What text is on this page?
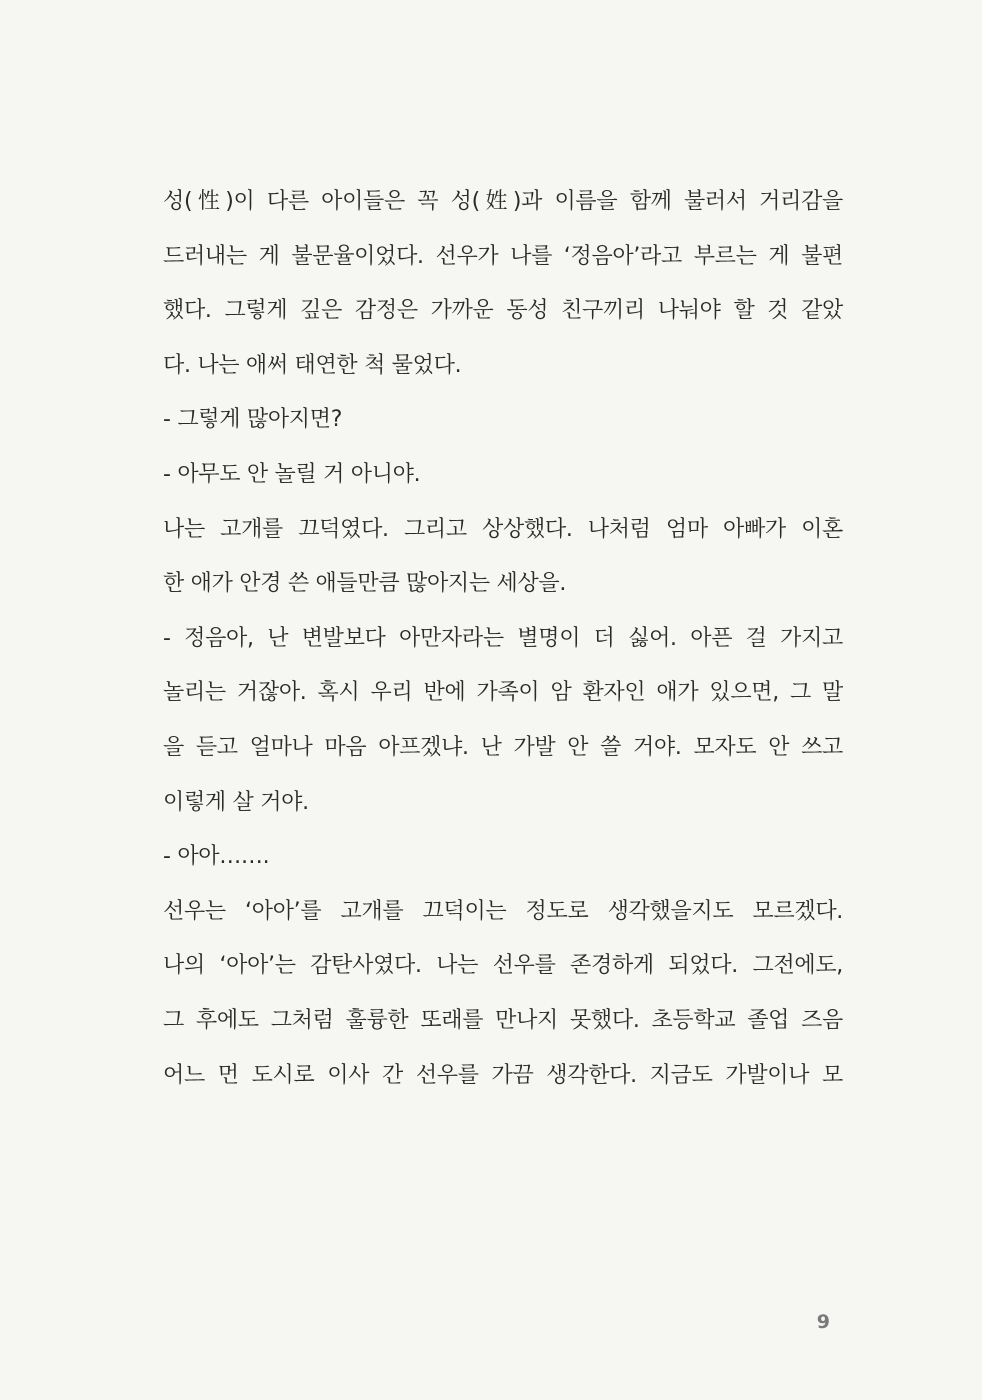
성(性)이 다른 아이들은 꼭 성(姓)과 이름을 함께 불러서 거리감을
드러내는 게 불문율이었다. 선우가 나를 ‘정음아’라고 부르는 게 불편
했다. 그렇게 깊은 감정은 가까운 동성 친구끼리 나눠야 할 것 같았
다. 나는 애써 태연한 척 물었다.
- 그렇게 많아지면?
- 아무도 안 놀릴 거 아니야.
나는 고개를 끄덕였다. 그리고 상상했다. 나처럼 엄마 아빠가 이혼
한 애가 안경 쓴 애들만큼 많아지는 세상을.
- 정음아, 난 변발보다 아만자라는 별명이 더 싫어. 아픈 걸 가지고
놀리는 거잖아. 혹시 우리 반에 가족이 암 환자인 애가 있으면, 그 말
을 듣고 얼마나 마음 아프겠냐. 난 가발 안 쓸 거야. 모자도 안 쓰고
이렇게 살 거야.
- 아아…….
선우는 ‘아아’를 고개를 끄덕이는 정도로 생각했을지도 모르겠다.
나의 ‘아아’는 감탄사였다. 나는 선우를 존경하게 되었다. 그전에도,
그 후에도 그처럼 훌륭한 또래를 만나지 못했다. 초등학교 졸업 즈음
어느 먼 도시로 이사 간 선우를 가끔 생각한다. 지금도 가발이나 모
9
